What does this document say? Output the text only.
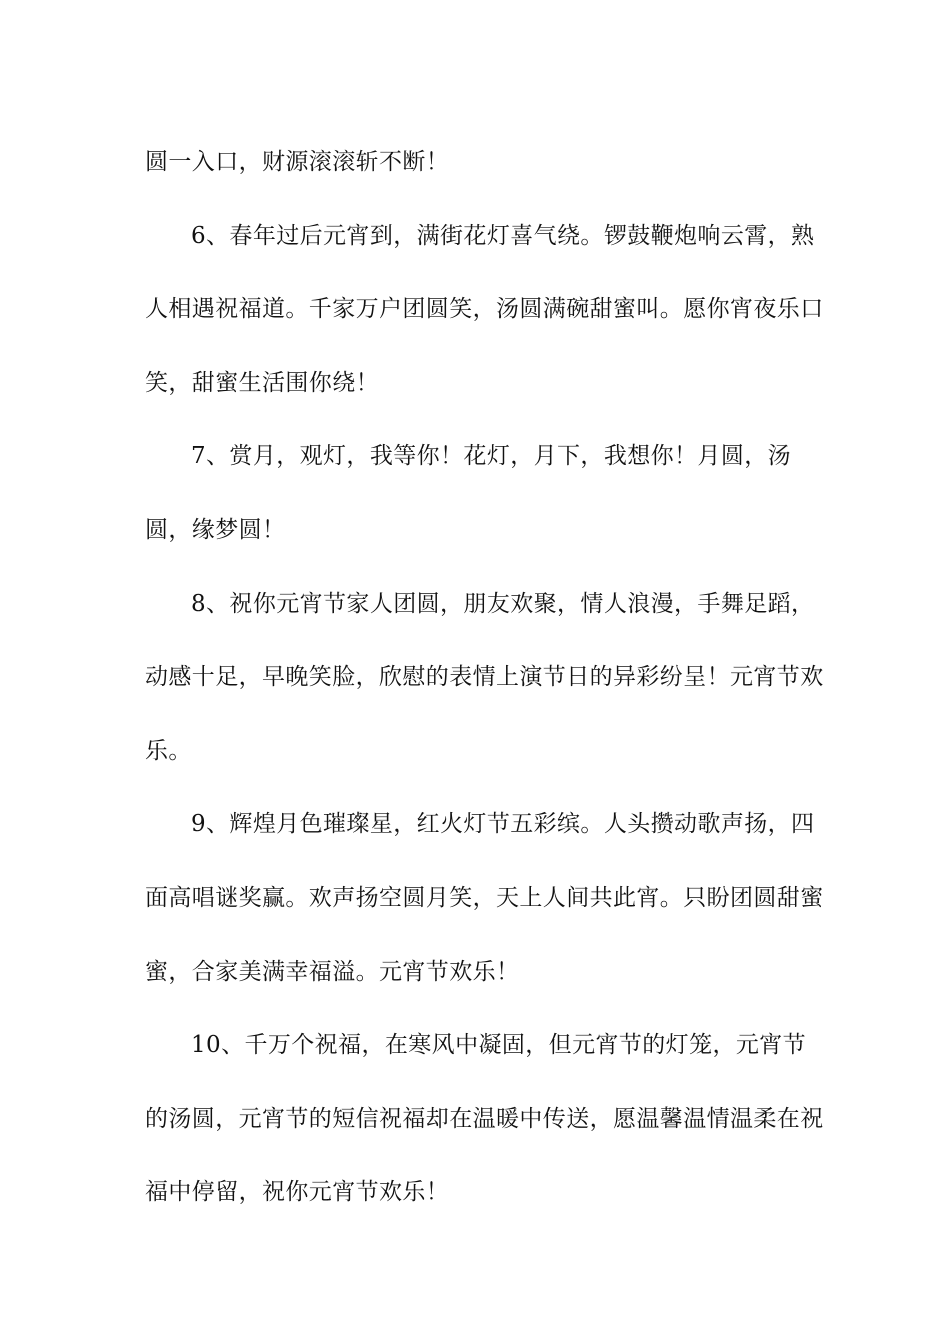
圆一入口，财源滚滚斩不断！

6、春年过后元宵到，满街花灯喜气绕。锣鼓鞭炮响云霄，熟人相遇祝福道。千家万户团圆笑，汤圆满碗甜蜜叫。愿你宵夜乐口笑，甜蜜生活围你绕！

7、赏月，观灯，我等你！花灯，月下，我想你！月圆，汤圆，缘梦圆！

8、祝你元宵节家人团圆，朋友欢聚，情人浪漫，手舞足蹈，动感十足，早晚笑脸，欣慰的表情上演节日的异彩纷呈！元宵节欢乐。

9、辉煌月色璀璨星，红火灯节五彩缤。人头攒动歌声扬，四面高唱谜奖赢。欢声扬空圆月笑，天上人间共此宵。只盼团圆甜蜜蜜，合家美满幸福溢。元宵节欢乐！

10、千万个祝福，在寒风中凝固，但元宵节的灯笼，元宵节的汤圆，元宵节的短信祝福却在温暖中传送，愿温馨温情温柔在祝福中停留，祝你元宵节欢乐！
